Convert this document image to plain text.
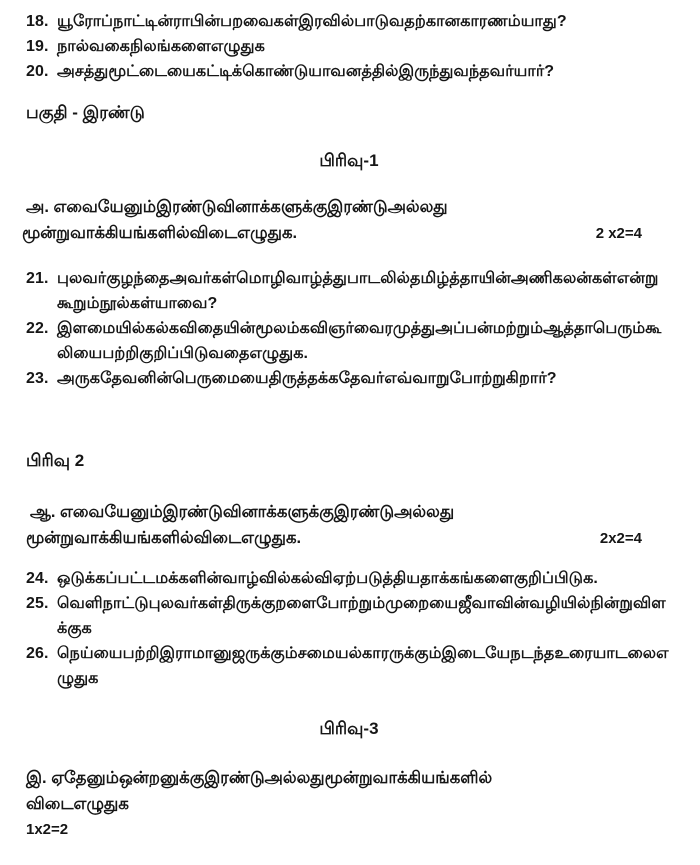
18. யூரோப்நாட்டின்ராபின்பறவைகள்இரவில்பாடுவதற்கானகாரணம்யாது?
19. நால்வகைநிலங்களைஎழுதுக
20. அசத்துமூட்டையைகட்டிக்கொண்டுயாவனத்தில்இருந்துவந்தவர்யார்?
பகுதி - இரண்டு
பிரிவு-1
அ. எவையேனும்இரண்டுவினாக்களுக்குஇரண்டுஅல்லது
மூன்றுவாக்கியங்களில்விடைஎழுதுக.	2 x2=4
21. புலவர்குழந்தைஅவர்கள்மொழிவாழ்த்துபாடலில்தமிழ்த்தாயின்அணிகலன்கள்என்றுகூறும்நூல்கள்யாவை?
22. இளமையில்கல்கவிதையின்மூலம்கவிஞர்வைரமுத்துஅப்பன்மற்றும்ஆத்தாபெரும்கூலியைபற்றிகுறிப்பிடுவதைஎழுதுக.
23. அருகதேவனின்பெருமையைதிருத்தக்கதேவர்எவ்வாறுபோற்றுகிறார்?
பிரிவு 2
ஆ. எவையேனும்இரண்டுவினாக்களுக்குஇரண்டுஅல்லது
மூன்றுவாக்கியங்களில்விடைஎழுதுக.	2x2=4
24. ஒடுக்கப்பட்டமக்களின்வாழ்வில்கல்விஏற்படுத்தியதாக்கங்களைகுறிப்பிடுக.
25. வெளிநாட்டுபுலவர்கள்திருக்குறளைபோற்றும்முறையைஜீவாவின்வழியில்நின்றுவிளக்குக
26. நெய்யைபற்றிஇராமானுஜருக்கும்சமையல்காரருக்கும்இடையேநடந்தஉரையாடலைஎழுதுக
பிரிவு-3
இ. ஏதேனும்ஒன்றனுக்குஇரண்டுஅல்லதுமூன்றுவாக்கியங்களில்
விடைஎழுதுக
1x2=2
